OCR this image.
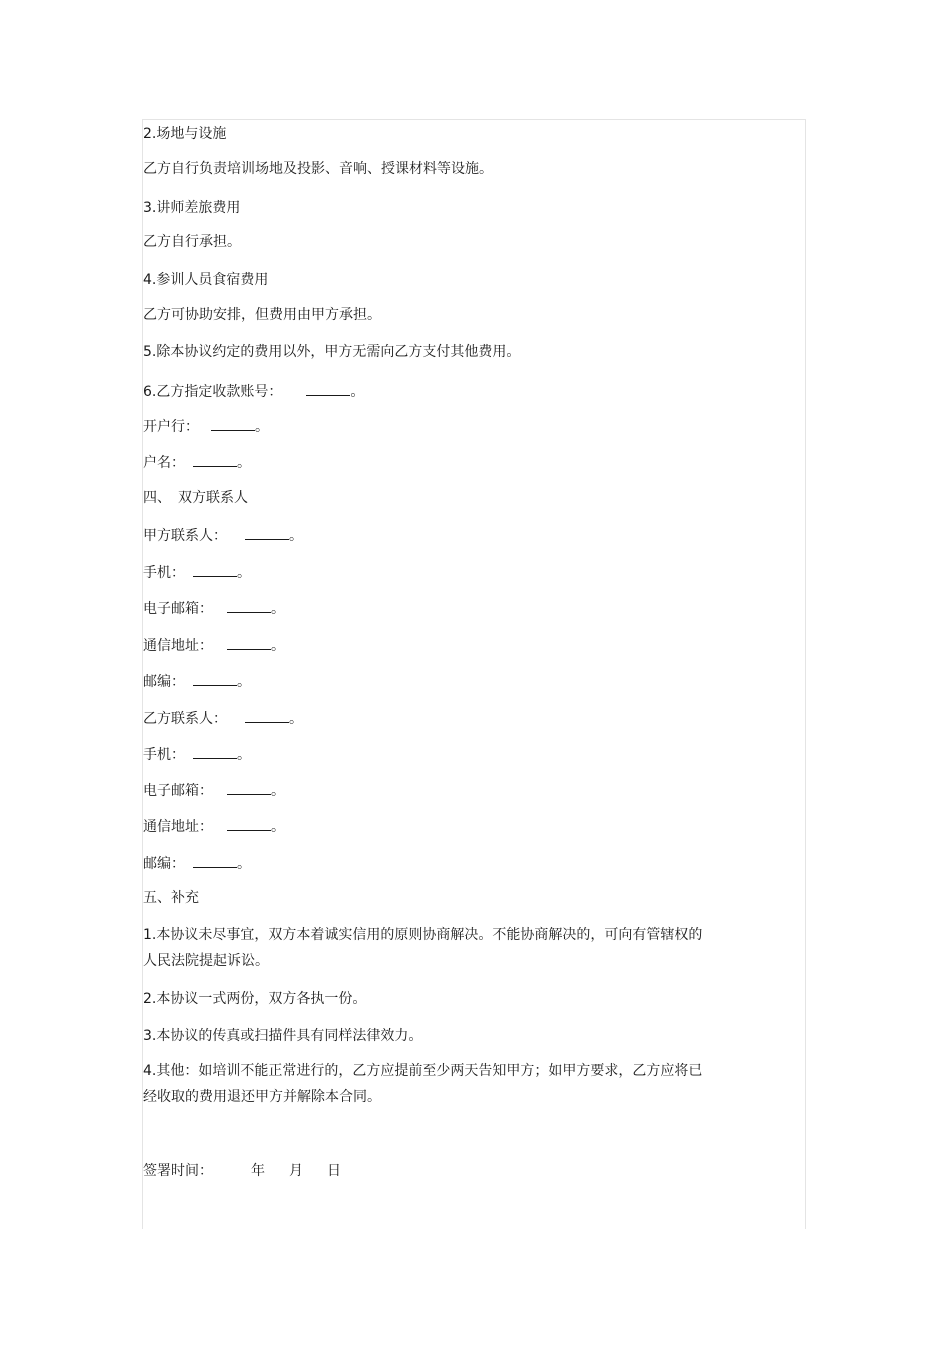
2.场地与设施
乙方自行负责培训场地及投影、音响、授课材料等设施。
3.讲师差旅费用
乙方自行承担。
4.参训人员食宿费用
乙方可协助安排，但费用由甲方承担。
5.除本协议约定的费用以外，甲方无需向乙方支付其他费用。
6.乙方指定收款账号：	。
开户行：	。
户名：	。
四、　双方联系人
甲方联系人：	。
手机：	。
电子邮箱：	。
通信地址：	。
邮编：	。
乙方联系人：	。
手机：	。
电子邮箱：	。
通信地址：	。
邮编：	。
五、补充
1.本协议未尽事宜，双方本着诚实信用的原则协商解决。不能协商解决的，可向有管辖权的
人民法院提起诉讼。
2.本协议一式两份，双方各执一份。
3.本协议的传真或扫描件具有同样法律效力。
4.其他：如培训不能正常进行的，乙方应提前至少两天告知甲方；如甲方要求，乙方应将已
经收取的费用退还甲方并解除本合同。
签署时间：	年 月 日
